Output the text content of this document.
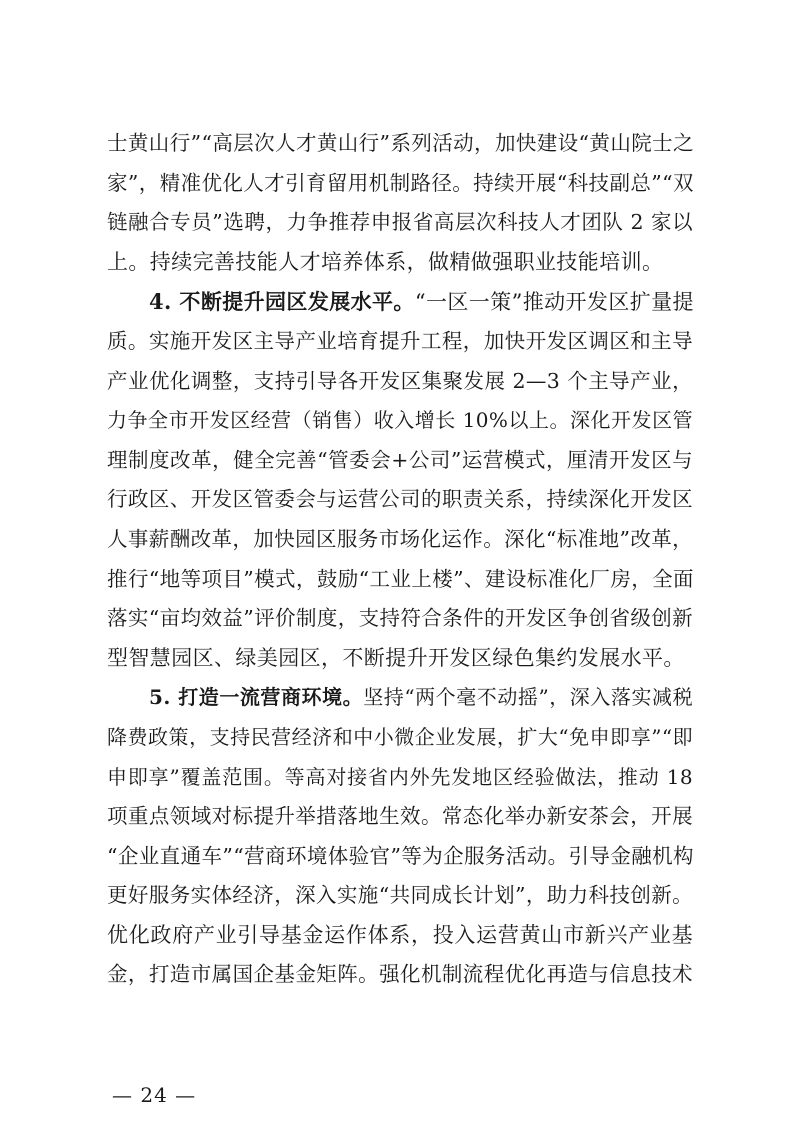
士黄山行”“高层次人才黄山行”系列活动，加快建设“黄山院士之
家”，精准优化人才引育留用机制路径。持续开展“科技副总”“双
链融合专员”选聘，力争推荐申报省高层次科技人才团队 2 家以
上。持续完善技能人才培养体系，做精做强职业技能培训。
4. 不断提升园区发展水平。“一区一策”推动开发区扩量提
质。实施开发区主导产业培育提升工程，加快开发区调区和主导
产业优化调整，支持引导各开发区集聚发展 2—3 个主导产业，
力争全市开发区经营（销售）收入增长 10%以上。深化开发区管
理制度改革，健全完善“管委会+公司”运营模式，厘清开发区与
行政区、开发区管委会与运营公司的职责关系，持续深化开发区
人事薪酬改革，加快园区服务市场化运作。深化“标准地”改革，
推行“地等项目”模式，鼓励“工业上楼”、建设标准化厂房，全面
落实“亩均效益”评价制度，支持符合条件的开发区争创省级创新
型智慧园区、绿美园区，不断提升开发区绿色集约发展水平。
5. 打造一流营商环境。坚持“两个毫不动摇”，深入落实减税
降费政策，支持民营经济和中小微企业发展，扩大“免申即享”“即
申即享”覆盖范围。等高对接省内外先发地区经验做法，推动 18
项重点领域对标提升举措落地生效。常态化举办新安茶会，开展
“企业直通车”“营商环境体验官”等为企服务活动。引导金融机构
更好服务实体经济，深入实施“共同成长计划”，助力科技创新。
优化政府产业引导基金运作体系，投入运营黄山市新兴产业基
金，打造市属国企基金矩阵。强化机制流程优化再造与信息技术
— 24 —
